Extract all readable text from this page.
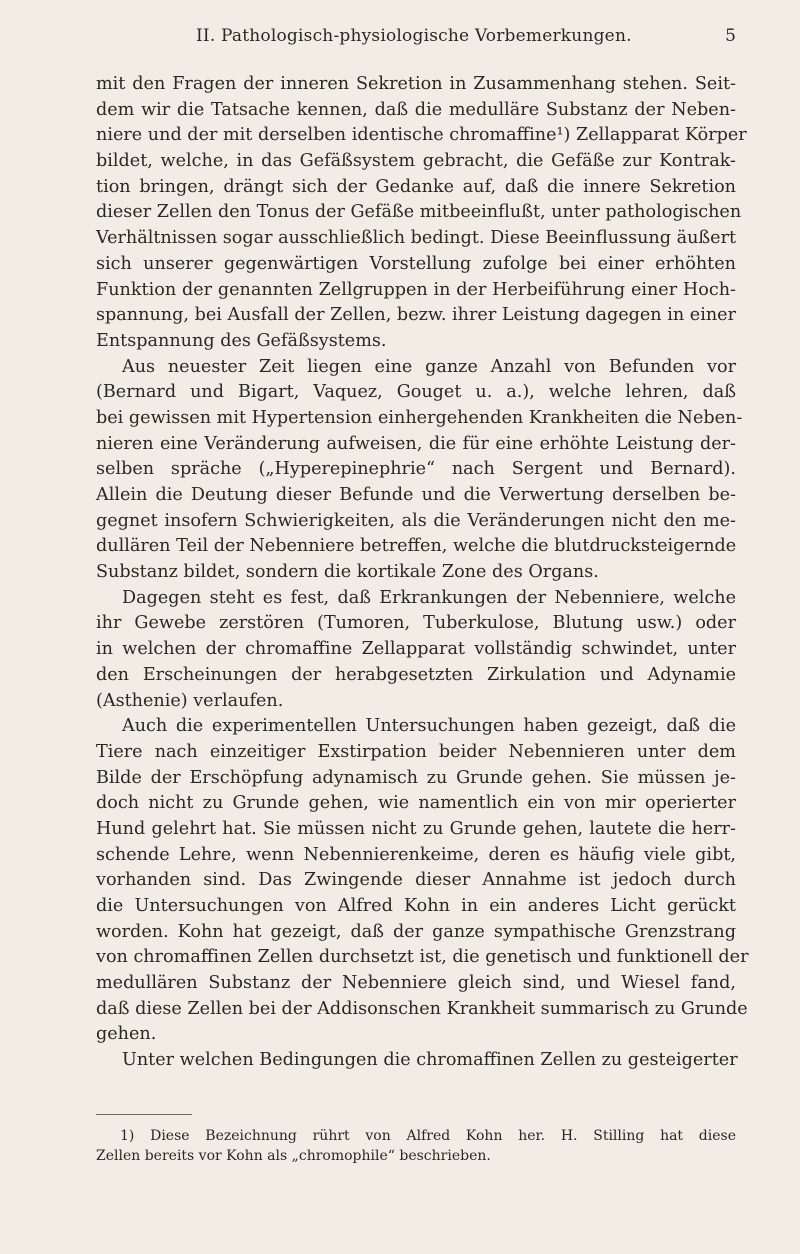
II. Pathologisch-physiologische Vorbemerkungen.	5
mit den Fragen der inneren Sekretion in Zusammenhang stehen. Seit-
dem wir die Tatsache kennen, daß die medulläre Substanz der Neben-
niere und der mit derselben identische chromaffine¹) Zellapparat Körper
bildet, welche, in das Gefäßsystem gebracht, die Gefäße zur Kontrak-
tion bringen, drängt sich der Gedanke auf, daß die innere Sekretion
dieser Zellen den Tonus der Gefäße mitbeeinflußt, unter pathologischen
Verhältnissen sogar ausschließlich bedingt. Diese Beeinflussung äußert
sich unserer gegenwärtigen Vorstellung zufolge bei einer erhöhten
Funktion der genannten Zellgruppen in der Herbeiführung einer Hoch-
spannung, bei Ausfall der Zellen, bezw. ihrer Leistung dagegen in einer
Entspannung des Gefäßsystems.
Aus neuester Zeit liegen eine ganze Anzahl von Befunden vor
(Bernard und Bigart, Vaquez, Gouget u. a.), welche lehren, daß
bei gewissen mit Hypertension einhergehenden Krankheiten die Neben-
nieren eine Veränderung aufweisen, die für eine erhöhte Leistung der-
selben spräche („Hyperepinephrie“ nach Sergent und Bernard).
Allein die Deutung dieser Befunde und die Verwertung derselben be-
gegnet insofern Schwierigkeiten, als die Veränderungen nicht den me-
dullären Teil der Nebenniere betreffen, welche die blutdrucksteigernde
Substanz bildet, sondern die kortikale Zone des Organs.
Dagegen steht es fest, daß Erkrankungen der Nebenniere, welche
ihr Gewebe zerstören (Tumoren, Tuberkulose, Blutung usw.) oder
in welchen der chromaffine Zellapparat vollständig schwindet, unter
den Erscheinungen der herabgesetzten Zirkulation und Adynamie
(Asthenie) verlaufen.
Auch die experimentellen Untersuchungen haben gezeigt, daß die
Tiere nach einzeitiger Exstirpation beider Nebennieren unter dem
Bilde der Erschöpfung adynamisch zu Grunde gehen. Sie müssen je-
doch nicht zu Grunde gehen, wie namentlich ein von mir operierter
Hund gelehrt hat. Sie müssen nicht zu Grunde gehen, lautete die herr-
schende Lehre, wenn Nebennierenkeime, deren es häufig viele gibt,
vorhanden sind. Das Zwingende dieser Annahme ist jedoch durch
die Untersuchungen von Alfred Kohn in ein anderes Licht gerückt
worden. Kohn hat gezeigt, daß der ganze sympathische Grenzstrang
von chromaffinen Zellen durchsetzt ist, die genetisch und funktionell der
medullären Substanz der Nebenniere gleich sind, und Wiesel fand,
daß diese Zellen bei der Addisonschen Krankheit summarisch zu Grunde
gehen.
Unter welchen Bedingungen die chromaffinen Zellen zu gesteigerter
1) Diese Bezeichnung rührt von Alfred Kohn her. H. Stilling hat diese
Zellen bereits vor Kohn als „chromophile“ beschrieben.
